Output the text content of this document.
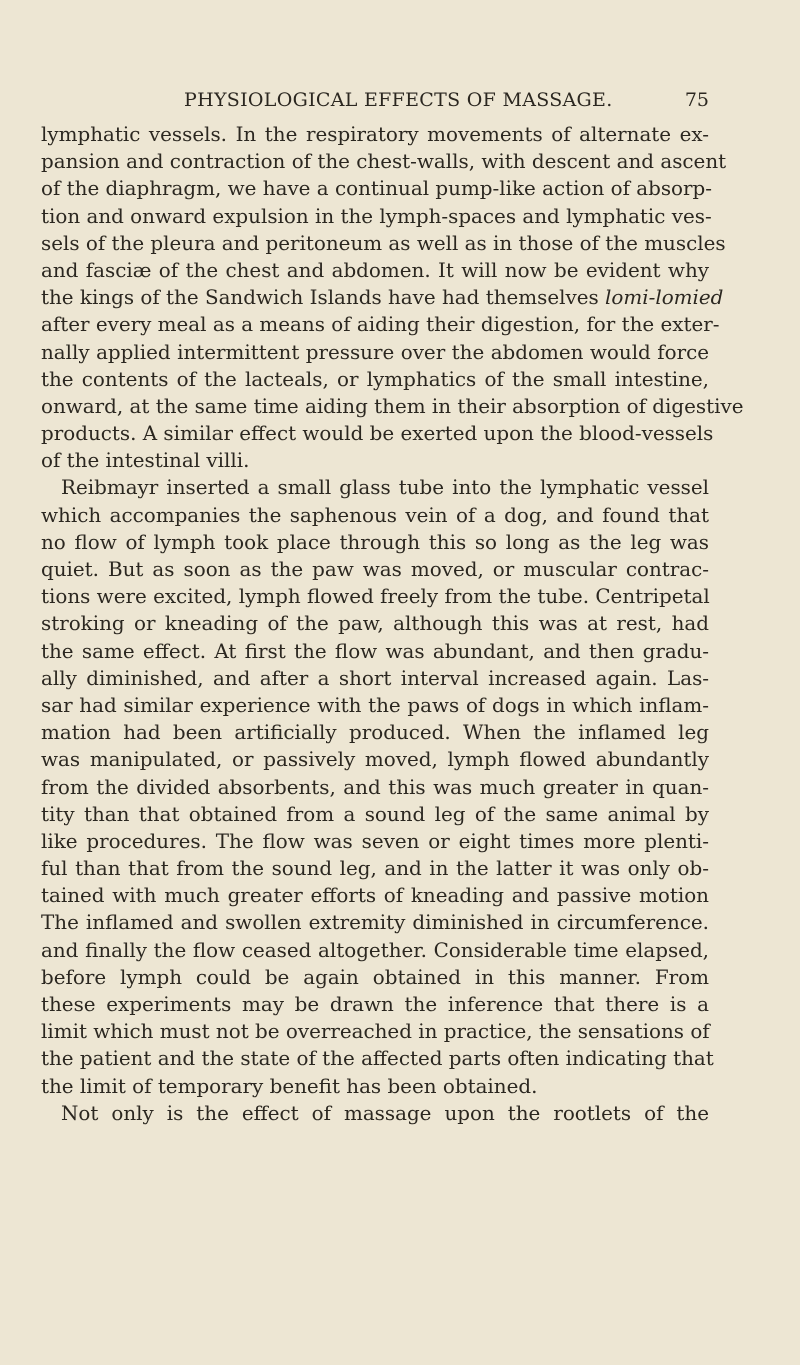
PHYSIOLOGICAL EFFECTS OF MASSAGE.	75
lymphatic vessels. In the respiratory movements of alternate ex-
pansion and contraction of the chest-walls, with descent and ascent
of the diaphragm, we have a continual pump-like action of absorp-
tion and onward expulsion in the lymph-spaces and lymphatic ves-
sels of the pleura and peritoneum as well as in those of the muscles
and fasciæ of the chest and abdomen. It will now be evident why
the kings of the Sandwich Islands have had themselves lomi-lomied
after every meal as a means of aiding their digestion, for the exter-
nally applied intermittent pressure over the abdomen would force
the contents of the lacteals, or lymphatics of the small intestine,
onward, at the same time aiding them in their absorption of digestive
products. A similar effect would be exerted upon the blood-vessels
of the intestinal villi.
Reibmayr inserted a small glass tube into the lymphatic vessel
which accompanies the saphenous vein of a dog, and found that
no flow of lymph took place through this so long as the leg was
quiet. But as soon as the paw was moved, or muscular contrac-
tions were excited, lymph flowed freely from the tube. Centripetal
stroking or kneading of the paw, although this was at rest, had
the same effect. At first the flow was abundant, and then gradu-
ally diminished, and after a short interval increased again. Las-
sar had similar experience with the paws of dogs in which inflam-
mation had been artificially produced. When the inflamed leg
was manipulated, or passively moved, lymph flowed abundantly
from the divided absorbents, and this was much greater in quan-
tity than that obtained from a sound leg of the same animal by
like procedures. The flow was seven or eight times more plenti-
ful than that from the sound leg, and in the latter it was only ob-
tained with much greater efforts of kneading and passive motion
The inflamed and swollen extremity diminished in circumference.
and finally the flow ceased altogether. Considerable time elapsed,
before lymph could be again obtained in this manner. From
these experiments may be drawn the inference that there is a
limit which must not be overreached in practice, the sensations of
the patient and the state of the affected parts often indicating that
the limit of temporary benefit has been obtained.
Not only is the effect of massage upon the rootlets of the
